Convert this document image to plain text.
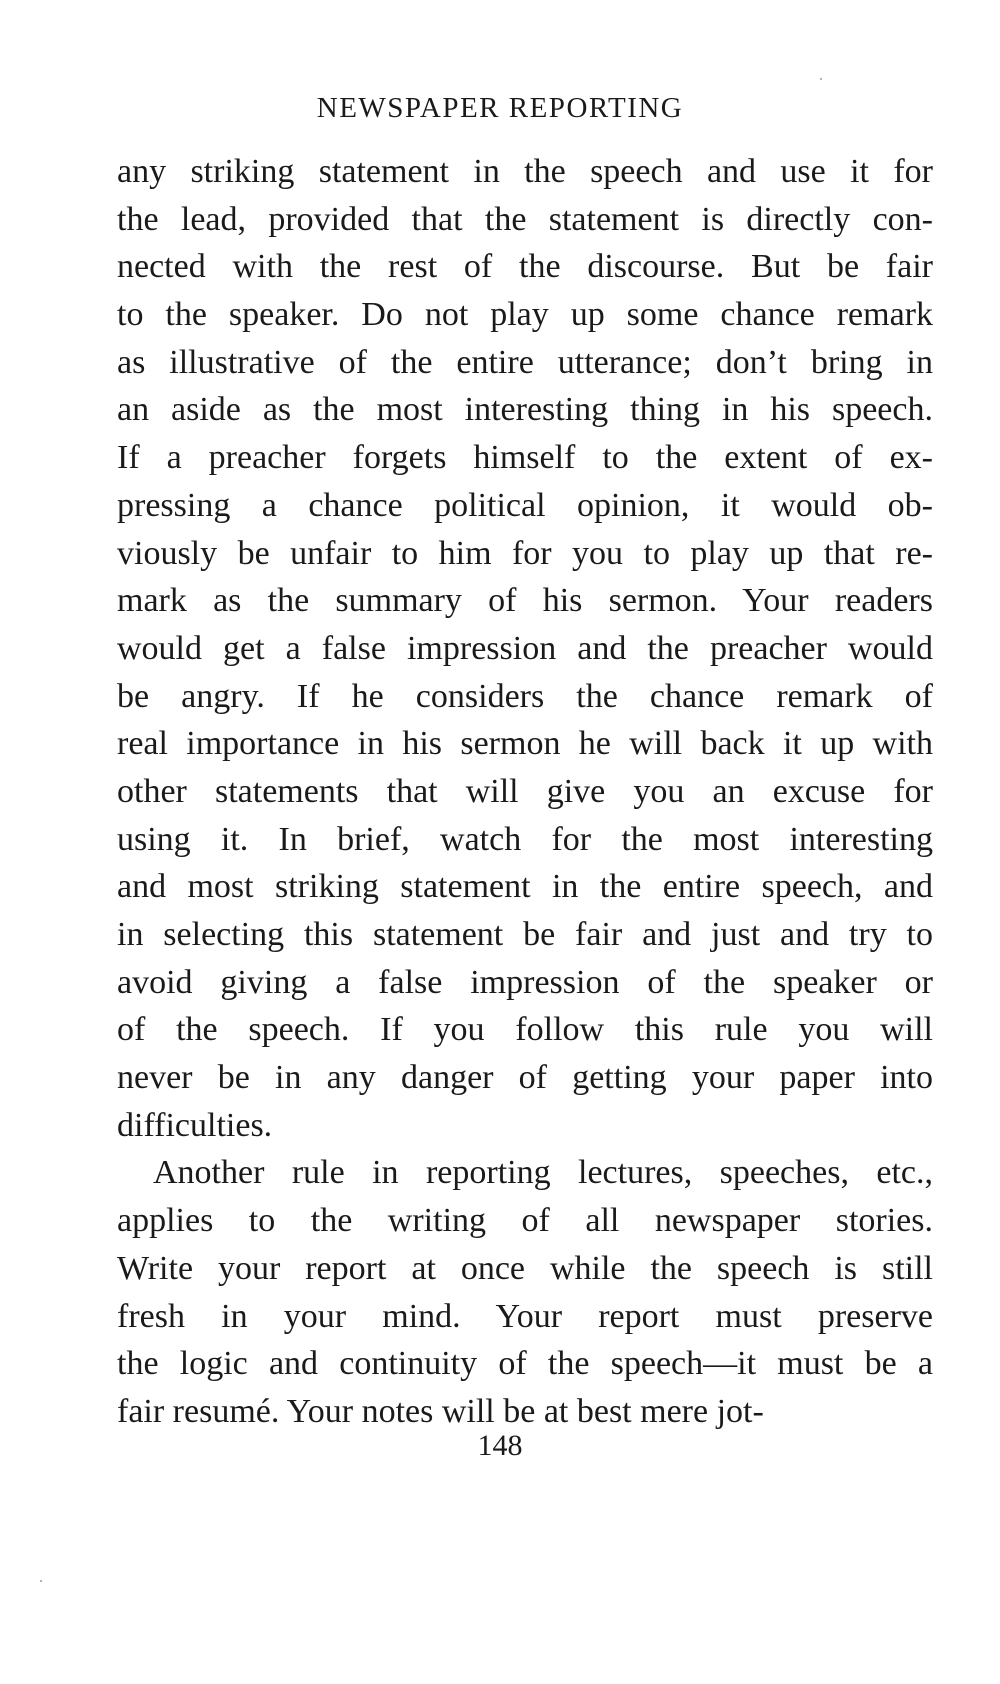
NEWSPAPER REPORTING
any striking statement in the speech and use it for
the lead, provided that the statement is directly con-
nected with the rest of the discourse. But be fair
to the speaker. Do not play up some chance remark
as illustrative of the entire utterance; don’t bring in
an aside as the most interesting thing in his speech.
If a preacher forgets himself to the extent of ex-
pressing a chance political opinion, it would ob-
viously be unfair to him for you to play up that re-
mark as the summary of his sermon. Your readers
would get a false impression and the preacher would
be angry. If he considers the chance remark of
real importance in his sermon he will back it up with
other statements that will give you an excuse for
using it. In brief, watch for the most interesting
and most striking statement in the entire speech, and
in selecting this statement be fair and just and try to
avoid giving a false impression of the speaker or
of the speech. If you follow this rule you will
never be in any danger of getting your paper into
difficulties.
Another rule in reporting lectures, speeches, etc.,
applies to the writing of all newspaper stories.
Write your report at once while the speech is still
fresh in your mind. Your report must preserve
the logic and continuity of the speech—it must be a
fair resumé. Your notes will be at best mere jot-
148
